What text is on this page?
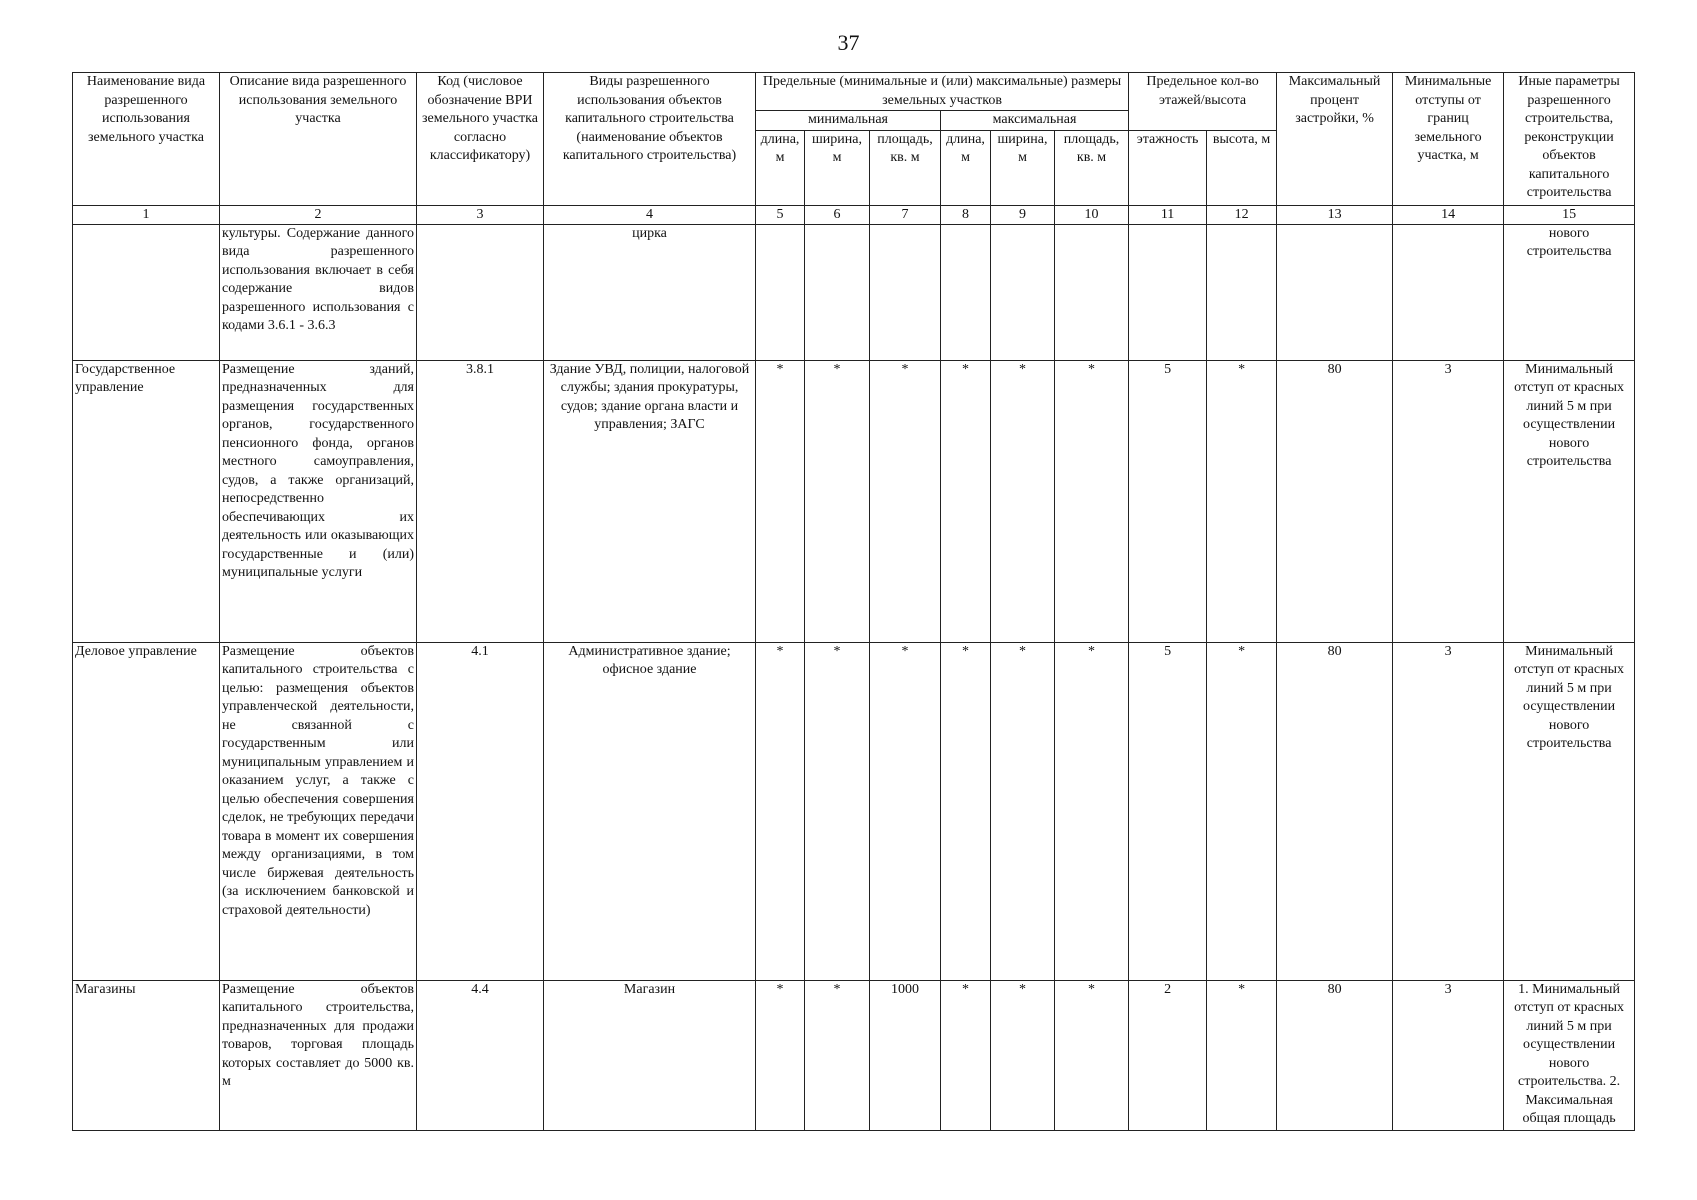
37
Наименование вида разрешенного использования земельного участка	Описание вида разрешенного использования земельного участка	Код (числовое обозначение ВРИ земельного участка согласно классификатору)	Виды разрешенного использования объектов капитального строительства (наименование объектов капитального строительства)	Предельные (минимальные и (или) максимальные) размеры земельных участков						Предельное кол-во этажей/высота		Максимальный процент застройки, %	Минимальные отступы от границ земельного участка, м	Иные параметры разрешенного строительства, реконструкции объектов капитального строительства
				минимальная			максимальная							
				длина, м	ширина, м	площадь, кв. м	длина, м	ширина, м	площадь, кв. м	этажность	высота, м			
1	2	3	4	5	6	7	8	9	10	11	12	13	14	15
	культуры. Содержание данного вида разрешенного использования включает в себя содержание видов разрешенного использования с кодами 3.6.1 - 3.6.3		цирка											нового строительства
Государственное управление	Размещение зданий, предназначенных для размещения государственных органов, государственного пенсионного фонда, органов местного самоуправления, судов, а также организаций, непосредственно обеспечивающих их деятельность или оказывающих государственные и (или) муниципальные услуги	3.8.1	Здание УВД, полиции, налоговой службы; здания прокуратуры, судов; здание органа власти и управления; ЗАГС	*	*	*	*	*	*	5	*	80	3	Минимальный отступ от красных линий 5 м при осуществлении нового строительства
Деловое управление	Размещение объектов капитального строительства с целью: размещения объектов управленческой деятельности, не связанной с государственным или муниципальным управлением и оказанием услуг, а также с целью обеспечения совершения сделок, не требующих передачи товара в момент их совершения между организациями, в том числе биржевая деятельность (за исключением банковской и страховой деятельности)	4.1	Административное здание; офисное здание	*	*	*	*	*	*	5	*	80	3	Минимальный отступ от красных линий 5 м при осуществлении нового строительства
Магазины	Размещение объектов капитального строительства, предназначенных для продажи товаров, торговая площадь которых составляет до 5000 кв. м	4.4	Магазин	*	*	1000	*	*	*	2	*	80	3	1. Минимальный отступ от красных линий 5 м при осуществлении нового строительства. 2. Максимальная общая площадь
